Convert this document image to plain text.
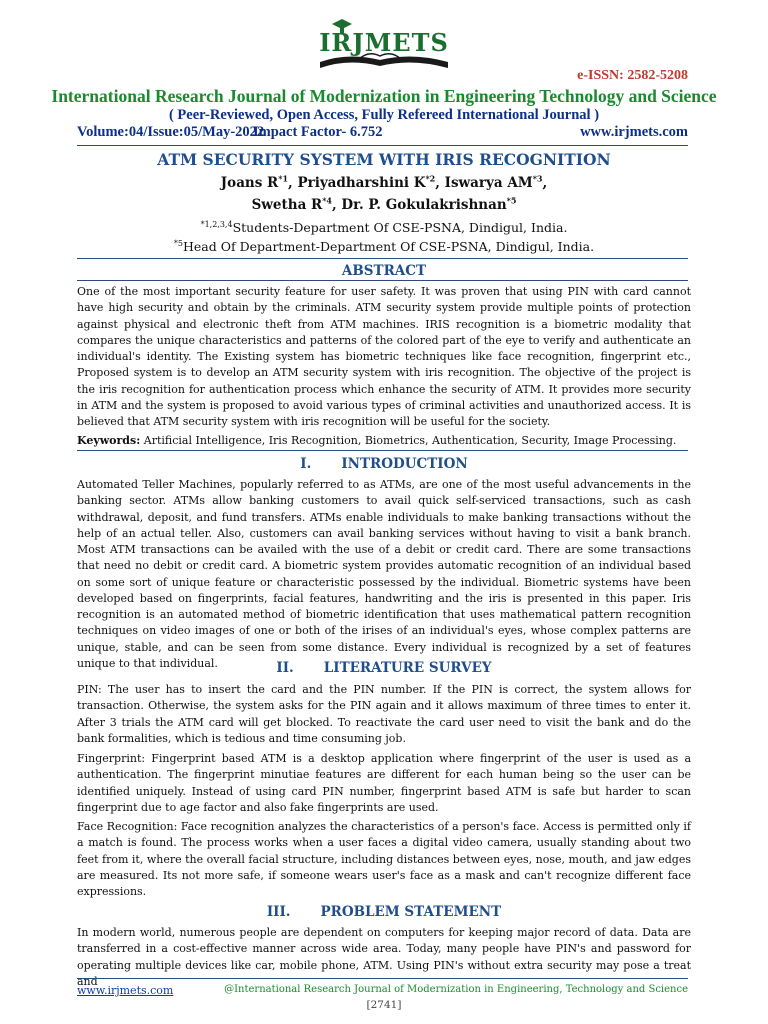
IRJMETS
e-ISSN: 2582-5208
International Research Journal of Modernization in Engineering Technology and Science
( Peer-Reviewed, Open Access, Fully Refereed International Journal )
Volume:04/Issue:05/May-2022
Impact Factor- 6.752	www.irjmets.com
ATM SECURITY SYSTEM WITH IRIS RECOGNITION
Joans $R^{*1}$, Priyadharshini $K^{*2}$, Iswarya AM$^{*3}$,
Swetha $R^{*4}$, Dr. P. Gokulakrishnan$^{*5}$
$^{*1,2,3,4}$Students-Department Of CSE-PSNA, Dindigul, India.
$^{*5}$Head Of Department-Department Of CSE-PSNA, Dindigul, India.
ABSTRACT

One of the most important security feature for user safety. It was proven that using PIN with card cannot have high security and obtain by the criminals. ATM security system provide multiple points of protection against physical and electronic theft from ATM machines. IRIS recognition is a biometric modality that compares the unique characteristics and patterns of the colored part of the eye to verify and authenticate an individual's identity. The Existing system has biometric techniques like face recognition, fingerprint etc., Proposed system is to develop an ATM security system with iris recognition. The objective of the project is the iris recognition for authentication process which enhance the security of ATM. It provides more security in ATM and the system is proposed to avoid various types of criminal activities and unauthorized access. It is believed that ATM security system with iris recognition will be useful for the society.

Keywords: Artificial Intelligence, Iris Recognition, Biometrics, Authentication, Security, Image Processing.

I. INTRODUCTION

Automated Teller Machines, popularly referred to as ATMs, are one of the most useful advancements in the banking sector. ATMs allow banking customers to avail quick self-serviced transactions, such as cash withdrawal, deposit, and fund transfers. ATMs enable individuals to make banking transactions without the help of an actual teller. Also, customers can avail banking services without having to visit a bank branch. Most ATM transactions can be availed with the use of a debit or credit card. There are some transactions that need no debit or credit card. A biometric system provides automatic recognition of an individual based on some sort of unique feature or characteristic possessed by the individual. Biometric systems have been developed based on fingerprints, facial features, handwriting and the iris is presented in this paper. Iris recognition is an automated method of biometric identification that uses mathematical pattern recognition techniques on video images of one or both of the irises of an individual's eyes, whose complex patterns are unique, stable, and can be seen from some distance. Every individual is recognized by a set of features unique to that individual.	II. LITERATURE SURVEY

PIN: The user has to insert the card and the PIN number. If the PIN is correct, the system allows for transaction. Otherwise, the system asks for the PIN again and it allows maximum of three times to enter it. After 3 trials the ATM card will get blocked. To reactivate the card user need to visit the bank and do the bank formalities, which is tedious and time consuming job.

Fingerprint: Fingerprint based ATM is a desktop application where fingerprint of the user is used as a authentication. The fingerprint minutiae features are different for each human being so the user can be identified uniquely. Instead of using card PIN number, fingerprint based ATM is safe but harder to scan fingerprint due to age factor and also fake fingerprints are used.

Face Recognition: Face recognition analyzes the characteristics of a person's face. Access is permitted only if a match is found. The process works when a user faces a digital video camera, usually standing about two feet from it, where the overall facial structure, including distances between eyes, nose, mouth, and jaw edges are measured. Its not more safe, if someone wears user's face as a mask and can't recognize different face expressions.

III. PROBLEM STATEMENT

In modern world, numerous people are dependent on computers for keeping major record of data. Data are transferred in a cost-effective manner across wide area. Today, many people have PIN's and password for operating multiple devices like car, mobile phone, ATM. Using PIN's without extra security may pose a treat and

www.irjmets.com	@International Research Journal of Modernization in Engineering, Technology and Science
[2741]
